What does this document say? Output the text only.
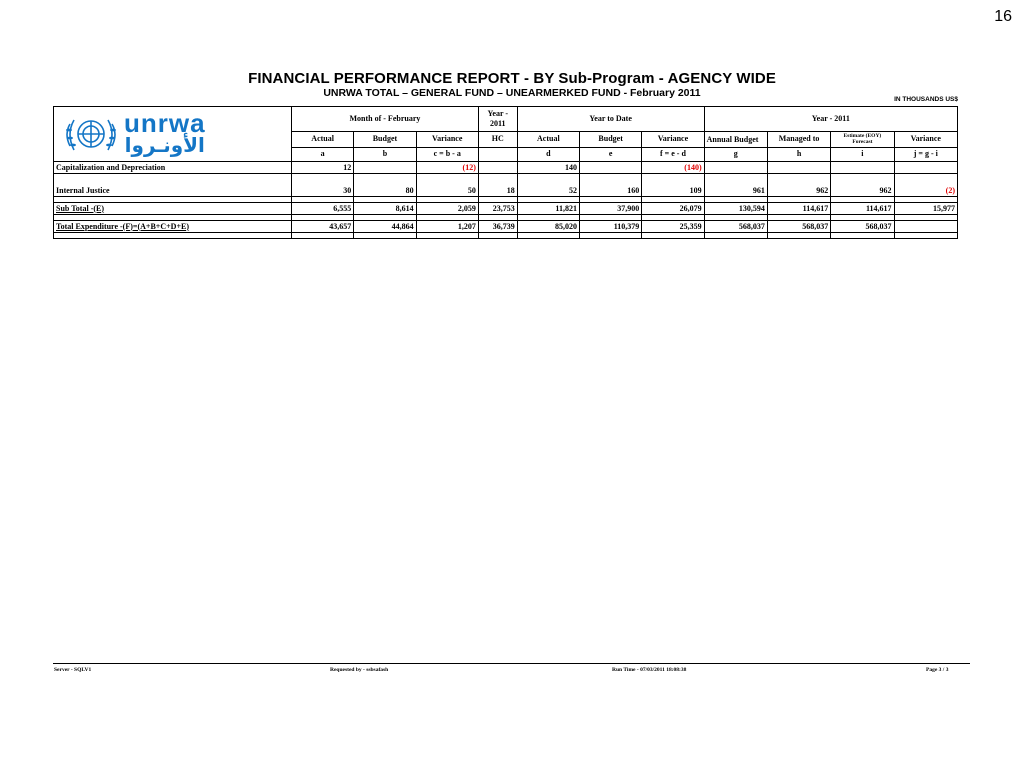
16
FINANCIAL PERFORMANCE REPORT - BY Sub-Program - AGENCY WIDE
UNRWA TOTAL – GENERAL FUND – UNEARMERKED FUND - February 2011
IN THOUSANDS US$
unrwa
الأونـروا	Month of - February			Year - 2011	Year to Date			Year - 2011			
	Actual	Budget	Variance	HC	Actual	Budget	Variance	Annual Budget	Managed to	Estimate (EOY) Forecast	Variance
	a	b	c = b - a		d	e	f = e - d	g	h	i	j = g - i
Capitalization and Depreciation	12		(12)		140		(140)				
Internal Justice	30	80	50	18	52	160	109	961	962	962	(2)

Sub Total -(E)	6,555	8,614	2,059	23,753	11,821	37,900	26,079	130,594	114,617	114,617	15,977

Total Expenditure -(F)=(A+B+C+D+E)	43,657	44,864	1,207	36,739	85,020	110,379	25,359	568,037	568,037	568,037	

Server - SQLV1	Requested by - ssbsafash	Run Time - 07/03/2011 18:08:38	Page 3 / 3
